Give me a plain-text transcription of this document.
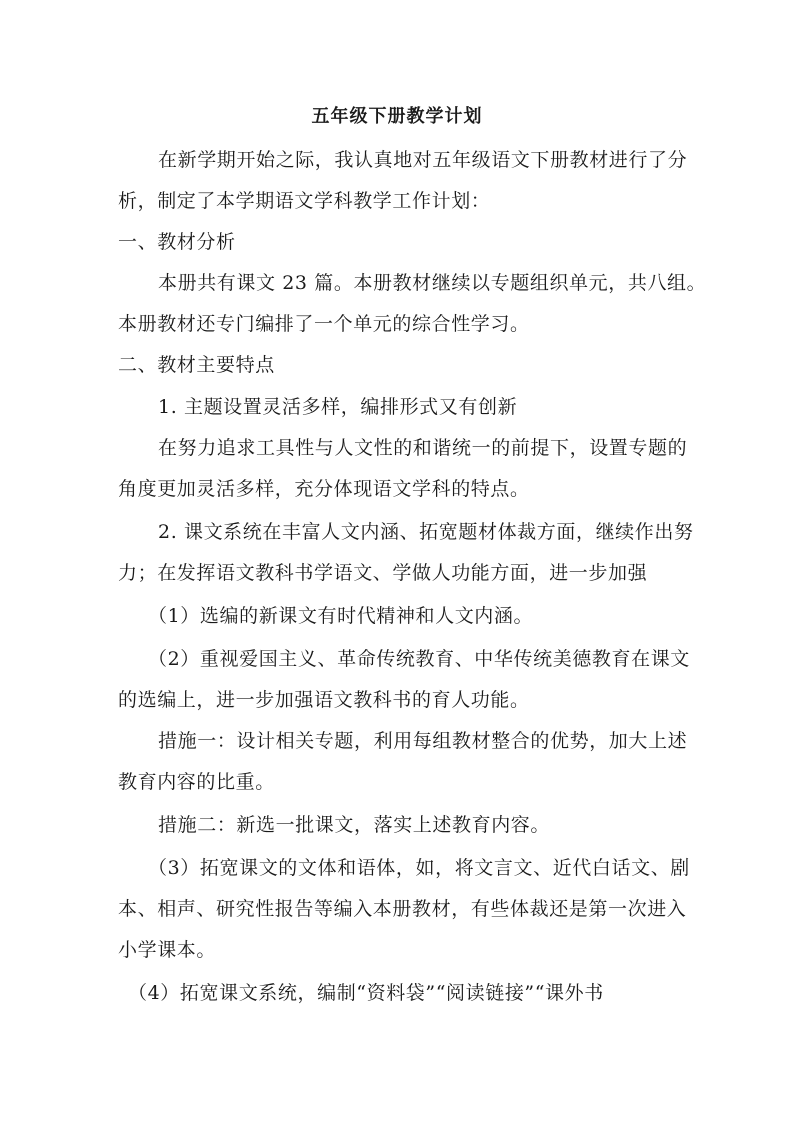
五年级下册教学计划
在新学期开始之际，我认真地对五年级语文下册教材进行了分
析，制定了本学期语文学科教学工作计划：
一、教材分析
本册共有课文 23 篇。本册教材继续以专题组织单元，共八组。
本册教材还专门编排了一个单元的综合性学习。
二、教材主要特点
1. 主题设置灵活多样，编排形式又有创新
在努力追求工具性与人文性的和谐统一的前提下，设置专题的
角度更加灵活多样，充分体现语文学科的特点。
2. 课文系统在丰富人文内涵、拓宽题材体裁方面，继续作出努
力；在发挥语文教科书学语文、学做人功能方面，进一步加强
（1）选编的新课文有时代精神和人文内涵。
（2）重视爱国主义、革命传统教育、中华传统美德教育在课文
的选编上，进一步加强语文教科书的育人功能。
措施一：设计相关专题，利用每组教材整合的优势，加大上述
教育内容的比重。
措施二：新选一批课文，落实上述教育内容。
（3）拓宽课文的文体和语体，如，将文言文、近代白话文、剧
本、相声、研究性报告等编入本册教材，有些体裁还是第一次进入
小学课本。
（4）拓宽课文系统，编制“资料袋”“阅读链接”“课外书
